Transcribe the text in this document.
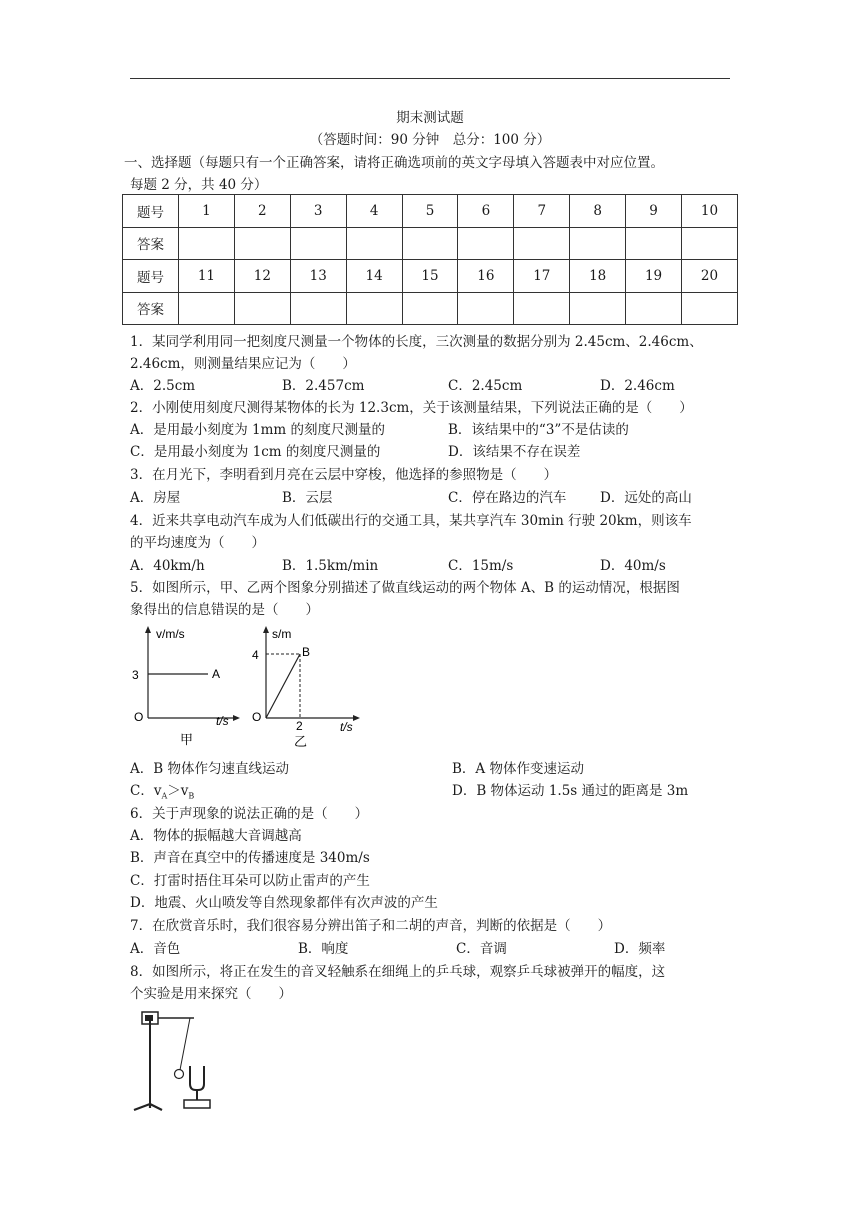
期末测试题
（答题时间：90 分钟　总分：100 分）
一、选择题（每题只有一个正确答案，请将正确选项前的英文字母填入答题表中对应位置。
每题 2 分，共 40 分）
题号	1	2	3	4	5	6	7	8	9	10
答案										
题号	11	12	13	14	15	16	17	18	19	20
答案										
1．某同学利用同一把刻度尺测量一个物体的长度，三次测量的数据分别为 2.45cm、2.46cm、
2.46cm，则测量结果应记为（　　）
A．2.5cm	B．2.457cm	C．2.45cm	D．2.46cm
2．小刚使用刻度尺测得某物体的长为 12.3cm，关于该测量结果，下列说法正确的是（　　）
A．是用最小刻度为 1mm 的刻度尺测量的	B．该结果中的“3”不是估读的
C．是用最小刻度为 1cm 的刻度尺测量的	D．该结果不存在误差
3．在月光下，李明看到月亮在云层中穿梭，他选择的参照物是（　　）
A．房屋	B．云层	C．停在路边的汽车 D．远处的高山
4．近来共享电动汽车成为人们低碳出行的交通工具，某共享汽车 30min 行驶 20km，则该车
的平均速度为（　　）
A．40km/h	B．1.5km/min	C．15m/s	D．40m/s
5．如图所示，甲、乙两个图象分别描述了做直线运动的两个物体 A、B 的运动情况，根据图
象得出的信息错误的是（　　）
v/m/s
3	A
O	t/s
甲
s/m
4	B
O
2	t/s
乙
A．B 物体作匀速直线运动	B．A 物体作变速运动
C．$v_A>v_B$	D．B 物体运动 1.5s 通过的距离是 3m
6．关于声现象的说法正确的是（　　）
A．物体的振幅越大音调越高
B．声音在真空中的传播速度是 340m/s
C．打雷时捂住耳朵可以防止雷声的产生
D．地震、火山喷发等自然现象都伴有次声波的产生
7．在欣赏音乐时，我们很容易分辨出笛子和二胡的声音，判断的依据是（　　）
A．音色	B．响度	C．音调	D．频率
8．如图所示，将正在发生的音叉轻触系在细绳上的乒乓球，观察乒乓球被弹开的幅度，这
个实验是用来探究（　　）
